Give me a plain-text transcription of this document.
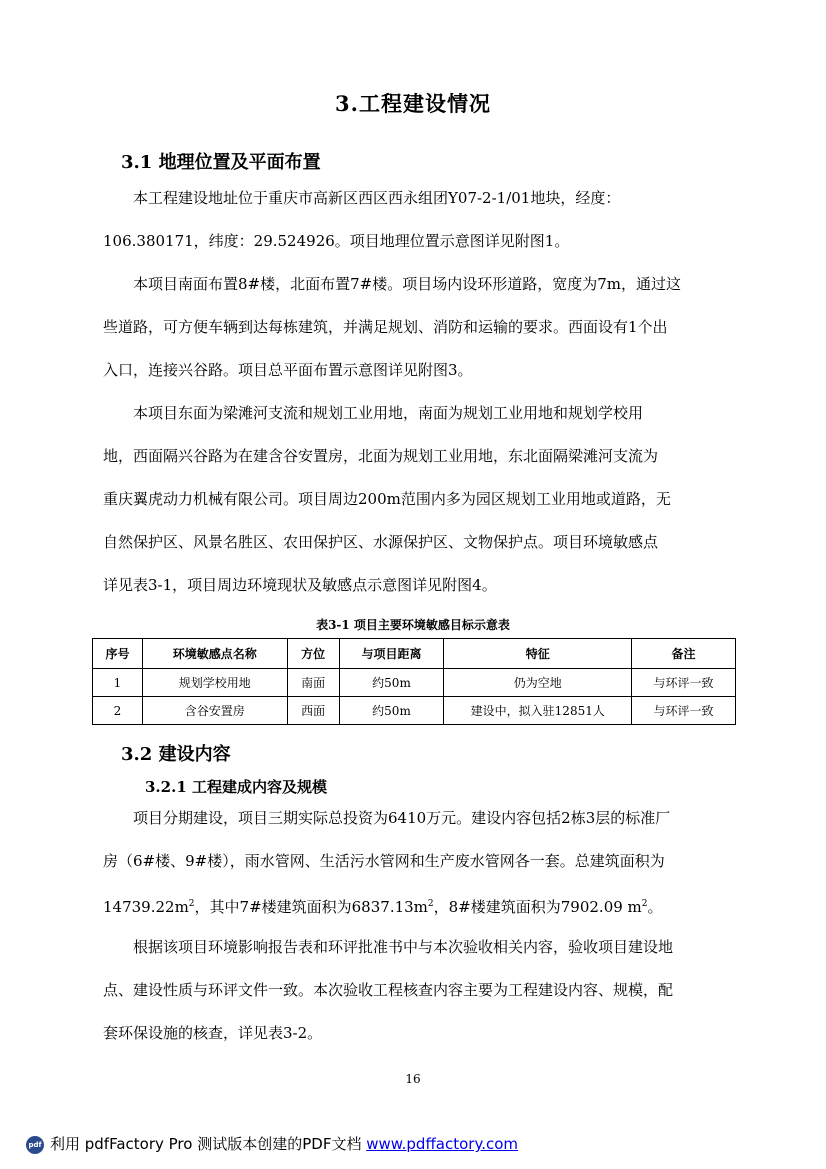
3.工程建设情况
3.1 地理位置及平面布置
本工程建设地址位于重庆市高新区西区西永组团Y07-2-1/01地块，经度：
106.380171，纬度：29.524926。项目地理位置示意图详见附图1。
本项目南面布置8#楼，北面布置7#楼。项目场内设环形道路，宽度为7m，通过这
些道路，可方便车辆到达每栋建筑，并满足规划、消防和运输的要求。西面设有1个出
入口，连接兴谷路。项目总平面布置示意图详见附图3。
本项目东面为梁滩河支流和规划工业用地，南面为规划工业用地和规划学校用
地，西面隔兴谷路为在建含谷安置房，北面为规划工业用地，东北面隔梁滩河支流为
重庆翼虎动力机械有限公司。项目周边200m范围内多为园区规划工业用地或道路，无
自然保护区、风景名胜区、农田保护区、水源保护区、文物保护点。项目环境敏感点
详见表3-1，项目周边环境现状及敏感点示意图详见附图4。
表3-1 项目主要环境敏感目标示意表
序号	环境敏感点名称	方位	与项目距离	特征	备注
1	规划学校用地	南面	约50m	仍为空地	与环评一致
2	含谷安置房	西面	约50m	建设中，拟入驻12851人	与环评一致
3.2 建设内容
3.2.1 工程建成内容及规模
项目分期建设，项目三期实际总投资为6410万元。建设内容包括2栋3层的标准厂
房（6#楼、9#楼），雨水管网、生活污水管网和生产废水管网各一套。总建筑面积为
$14739.22m^2$，其中7#楼建筑面积为$6837.13m^2$，8#楼建筑面积为7902.09 $m^2$。
根据该项目环境影响报告表和环评批准书中与本次验收相关内容，验收项目建设地
点、建设性质与环评文件一致。本次验收工程核查内容主要为工程建设内容、规模，配
套环保设施的核查，详见表3-2。
16
pdf 利用 pdfFactory Pro 测试版本创建的PDF文档 www.pdffactory.com
